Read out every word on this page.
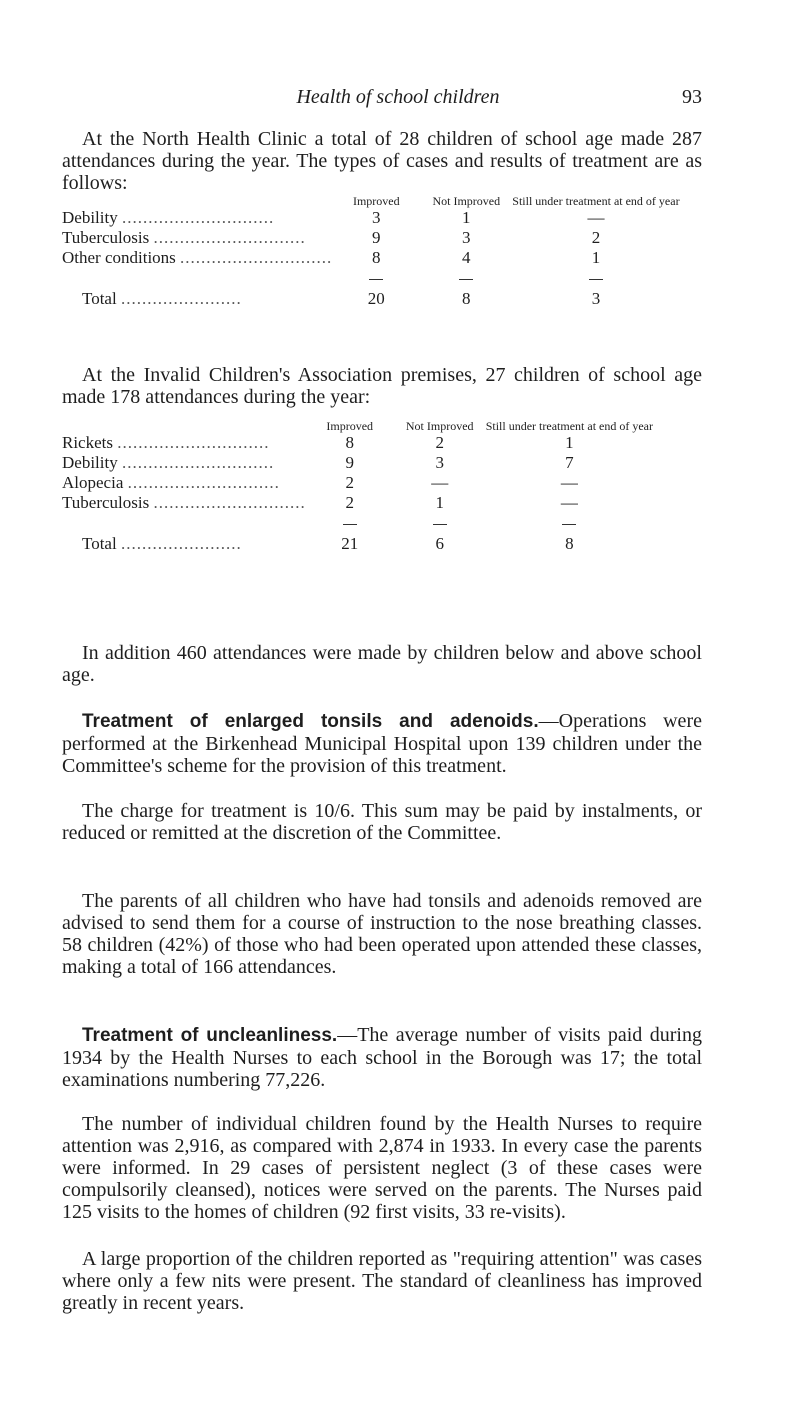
Health of school children	93

At the North Health Clinic a total of 28 children of school age made 287 attendances during the year. The types of cases and results of treatment are as follows:

	Improved	Not Improved	Still under treatment at end of year
Debility .............................	3	1	—
Tuberculosis .............................	9	3	2
Other conditions .............................	8	4	1

Total .......................	20	8	3

At the Invalid Children's Association premises, 27 children of school age made 178 attendances during the year:

	Improved	Not Improved	Still under treatment at end of year
Rickets .............................	8	2	1
Debility .............................	9	3	7
Alopecia .............................	2	—	—
Tuberculosis .............................	2	1	—

Total .......................	21	6	8

In addition 460 attendances were made by children below and above school age.

Treatment of enlarged tonsils and adenoids.—Operations were performed at the Birkenhead Municipal Hospital upon 139 children under the Committee's scheme for the provision of this treatment.

The charge for treatment is 10/6. This sum may be paid by instalments, or reduced or remitted at the discretion of the Committee.

The parents of all children who have had tonsils and adenoids removed are advised to send them for a course of instruction to the nose breathing classes. 58 children (42%) of those who had been operated upon attended these classes, making a total of 166 attendances.

Treatment of uncleanliness.—The average number of visits paid during 1934 by the Health Nurses to each school in the Borough was 17; the total examinations numbering 77,226.

The number of individual children found by the Health Nurses to require attention was 2,916, as compared with 2,874 in 1933. In every case the parents were informed. In 29 cases of persistent neglect (3 of these cases were compulsorily cleansed), notices were served on the parents. The Nurses paid 125 visits to the homes of children (92 first visits, 33 re-visits).

A large proportion of the children reported as "requiring attention" was cases where only a few nits were present. The standard of cleanliness has improved greatly in recent years.
